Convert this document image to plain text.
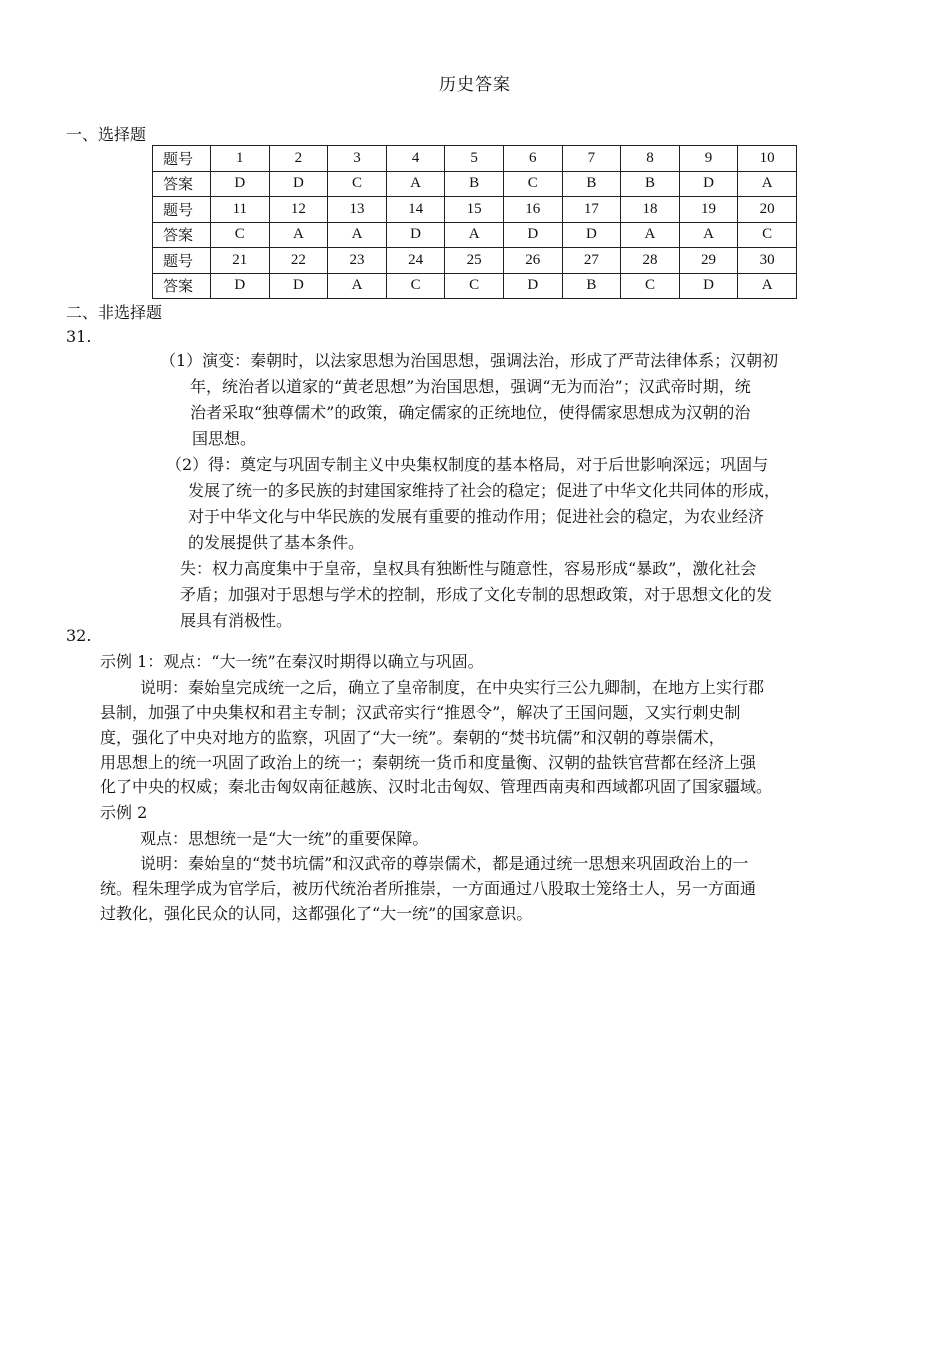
历史答案
一、选择题
题号	1	2	3	4	5	6	7	8	9	10
答案	D	D	C	A	B	C	B	B	D	A
题号	11	12	13	14	15	16	17	18	19	20
答案	C	A	A	D	A	D	D	A	A	C
题号	21	22	23	24	25	26	27	28	29	30
答案	D	D	A	C	C	D	B	C	D	A
二、非选择题
31.
（1）演变：秦朝时，以法家思想为治国思想，强调法治，形成了严苛法律体系；汉朝初
年，统治者以道家的“黄老思想”为治国思想，强调“无为而治”；汉武帝时期，统
治者采取“独尊儒术”的政策，确定儒家的正统地位，使得儒家思想成为汉朝的治
国思想。
（2）得：奠定与巩固专制主义中央集权制度的基本格局，对于后世影响深远；巩固与
发展了统一的多民族的封建国家维持了社会的稳定；促进了中华文化共同体的形成，
对于中华文化与中华民族的发展有重要的推动作用；促进社会的稳定，为农业经济
的发展提供了基本条件。
失：权力高度集中于皇帝，皇权具有独断性与随意性，容易形成“暴政”，激化社会
矛盾；加强对于思想与学术的控制，形成了文化专制的思想政策，对于思想文化的发
展具有消极性。
32.
示例 1：观点：“大一统”在秦汉时期得以确立与巩固。
说明：秦始皇完成统一之后，确立了皇帝制度，在中央实行三公九卿制，在地方上实行郡
县制，加强了中央集权和君主专制；汉武帝实行“推恩令”，解决了王国问题，又实行刺史制
度，强化了中央对地方的监察，巩固了“大一统”。秦朝的“焚书坑儒”和汉朝的尊崇儒术，
用思想上的统一巩固了政治上的统一；秦朝统一货币和度量衡、汉朝的盐铁官营都在经济上强
化了中央的权威；秦北击匈奴南征越族、汉时北击匈奴、管理西南夷和西域都巩固了国家疆域。
示例 2
观点：思想统一是“大一统”的重要保障。
说明：秦始皇的“焚书坑儒”和汉武帝的尊崇儒术，都是通过统一思想来巩固政治上的一
统。程朱理学成为官学后，被历代统治者所推崇，一方面通过八股取士笼络士人，另一方面通
过教化，强化民众的认同，这都强化了“大一统”的国家意识。
